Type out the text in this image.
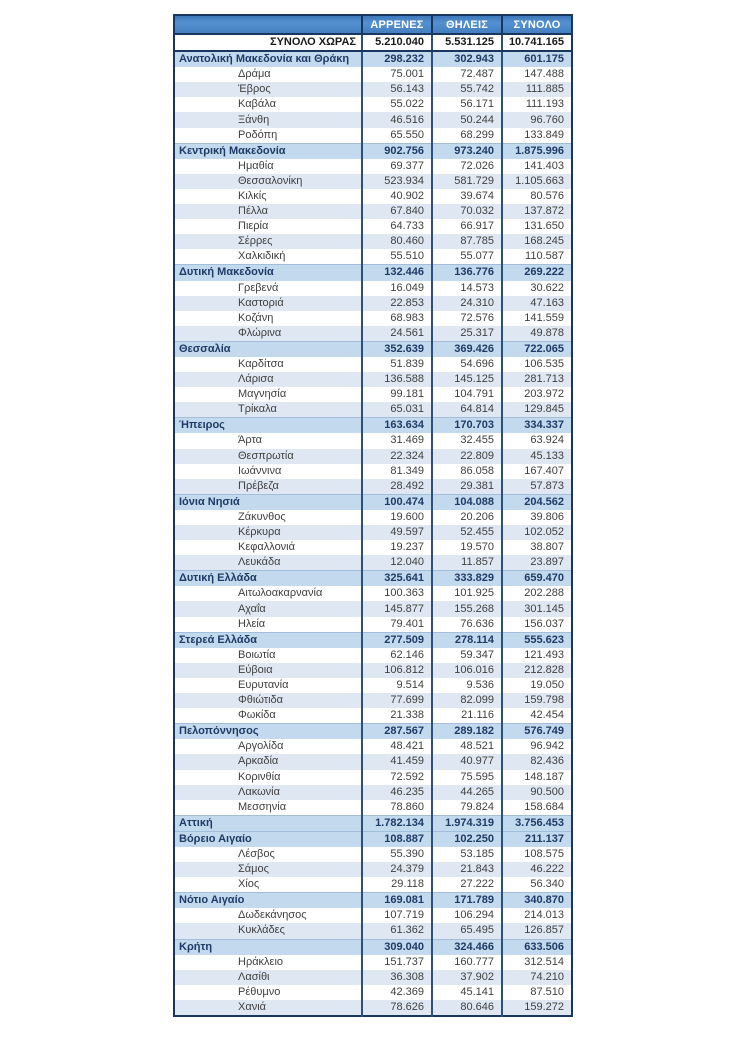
	ΑΡΡΕΝΕΣ	ΘΗΛΕΙΣ	ΣΥΝΟΛΟ
ΣΥΝΟΛΟ ΧΩΡΑΣ	5.210.040	5.531.125	10.741.165
Ανατολική Μακεδονία και Θράκη	298.232	302.943	601.175
Δράμα	75.001	72.487	147.488
Έβρος	56.143	55.742	111.885
Καβάλα	55.022	56.171	111.193
Ξάνθη	46.516	50.244	96.760
Ροδόπη	65.550	68.299	133.849
Κεντρική Μακεδονία	902.756	973.240	1.875.996
Ημαθία	69.377	72.026	141.403
Θεσσαλονίκη	523.934	581.729	1.105.663
Κιλκίς	40.902	39.674	80.576
Πέλλα	67.840	70.032	137.872
Πιερία	64.733	66.917	131.650
Σέρρες	80.460	87.785	168.245
Χαλκιδική	55.510	55.077	110.587
Δυτική Μακεδονία	132.446	136.776	269.222
Γρεβενά	16.049	14.573	30.622
Καστοριά	22.853	24.310	47.163
Κοζάνη	68.983	72.576	141.559
Φλώρινα	24.561	25.317	49.878
Θεσσαλία	352.639	369.426	722.065
Καρδίτσα	51.839	54.696	106.535
Λάρισα	136.588	145.125	281.713
Μαγνησία	99.181	104.791	203.972
Τρίκαλα	65.031	64.814	129.845
Ήπειρος	163.634	170.703	334.337
Άρτα	31.469	32.455	63.924
Θεσπρωτία	22.324	22.809	45.133
Ιωάννινα	81.349	86.058	167.407
Πρέβεζα	28.492	29.381	57.873
Ιόνια Νησιά	100.474	104.088	204.562
Ζάκυνθος	19.600	20.206	39.806
Κέρκυρα	49.597	52.455	102.052
Κεφαλλονιά	19.237	19.570	38.807
Λευκάδα	12.040	11.857	23.897
Δυτική Ελλάδα	325.641	333.829	659.470
Αιτωλοακαρνανία	100.363	101.925	202.288
Αχαΐα	145.877	155.268	301.145
Ηλεία	79.401	76.636	156.037
Στερεά Ελλάδα	277.509	278.114	555.623
Βοιωτία	62.146	59.347	121.493
Εύβοια	106.812	106.016	212.828
Ευρυτανία	9.514	9.536	19.050
Φθιώτιδα	77.699	82.099	159.798
Φωκίδα	21.338	21.116	42.454
Πελοπόννησος	287.567	289.182	576.749
Αργολίδα	48.421	48.521	96.942
Αρκαδία	41.459	40.977	82.436
Κορινθία	72.592	75.595	148.187
Λακωνία	46.235	44.265	90.500
Μεσσηνία	78.860	79.824	158.684
Αττική	1.782.134	1.974.319	3.756.453
Βόρειο Αιγαίο	108.887	102.250	211.137
Λέσβος	55.390	53.185	108.575
Σάμος	24.379	21.843	46.222
Χίος	29.118	27.222	56.340
Νότιο Αιγαίο	169.081	171.789	340.870
Δωδεκάνησος	107.719	106.294	214.013
Κυκλάδες	61.362	65.495	126.857
Κρήτη	309.040	324.466	633.506
Ηράκλειο	151.737	160.777	312.514
Λασίθι	36.308	37.902	74.210
Ρέθυμνο	42.369	45.141	87.510
Χανιά	78.626	80.646	159.272
